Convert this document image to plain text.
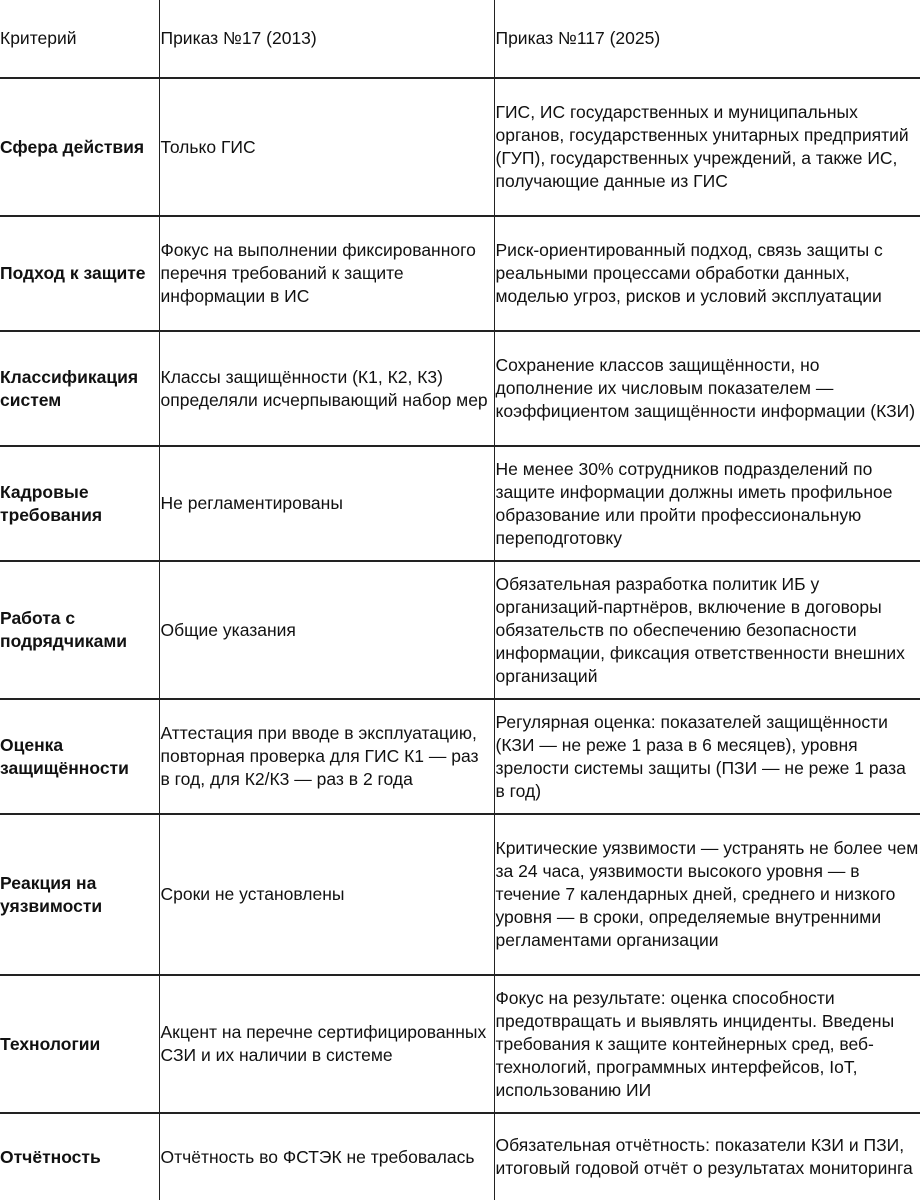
Критерий	Приказ №17 (2013)	Приказ №117 (2025)
Сфера действия	Только ГИС	ГИС, ИС государственных и муниципальных органов, государственных унитарных предприятий (ГУП), государственных учреждений, а также ИС, получающие данные из ГИС
Подход к защите	Фокус на выполнении фиксированного перечня требований к защите информации в ИС	Риск-ориентированный подход, связь защиты с реальными процессами обработки данных, моделью угроз, рисков и условий эксплуатации
Классификация систем	Классы защищённости (К1, К2, К3) определяли исчерпывающий набор мер	Сохранение классов защищённости, но дополнение их числовым показателем — коэффициентом защищённости информации (КЗИ)
Кадровые требования	Не регламентированы	Не менее 30% сотрудников подразделений по защите информации должны иметь профильное образование или пройти профессиональную переподготовку
Работа с подрядчиками	Общие указания	Обязательная разработка политик ИБ у организаций-партнёров, включение в договоры обязательств по обеспечению безопасности информации, фиксация ответственности внешних организаций
Оценка защищённости	Аттестация при вводе в эксплуатацию, повторная проверка для ГИС К1 — раз в год, для К2/К3 — раз в 2 года	Регулярная оценка: показателей защищённости (КЗИ — не реже 1 раза в 6 месяцев), уровня зрелости системы защиты (ПЗИ — не реже 1 раза в год)
Реакция на уязвимости	Сроки не установлены	Критические уязвимости — устранять не более чем за 24 часа, уязвимости высокого уровня — в течение 7 календарных дней, среднего и низкого уровня — в сроки, определяемые внутренними регламентами организации
Технологии	Акцент на перечне сертифицированных СЗИ и их наличии в системе	Фокус на результате: оценка способности предотвращать и выявлять инциденты. Введены требования к защите контейнерных сред, веб-технологий, программных интерфейсов, IoT, использованию ИИ
Отчётность	Отчётность во ФСТЭК не требовалась	Обязательная отчётность: показатели КЗИ и ПЗИ, итоговый годовой отчёт о результатах мониторинга
